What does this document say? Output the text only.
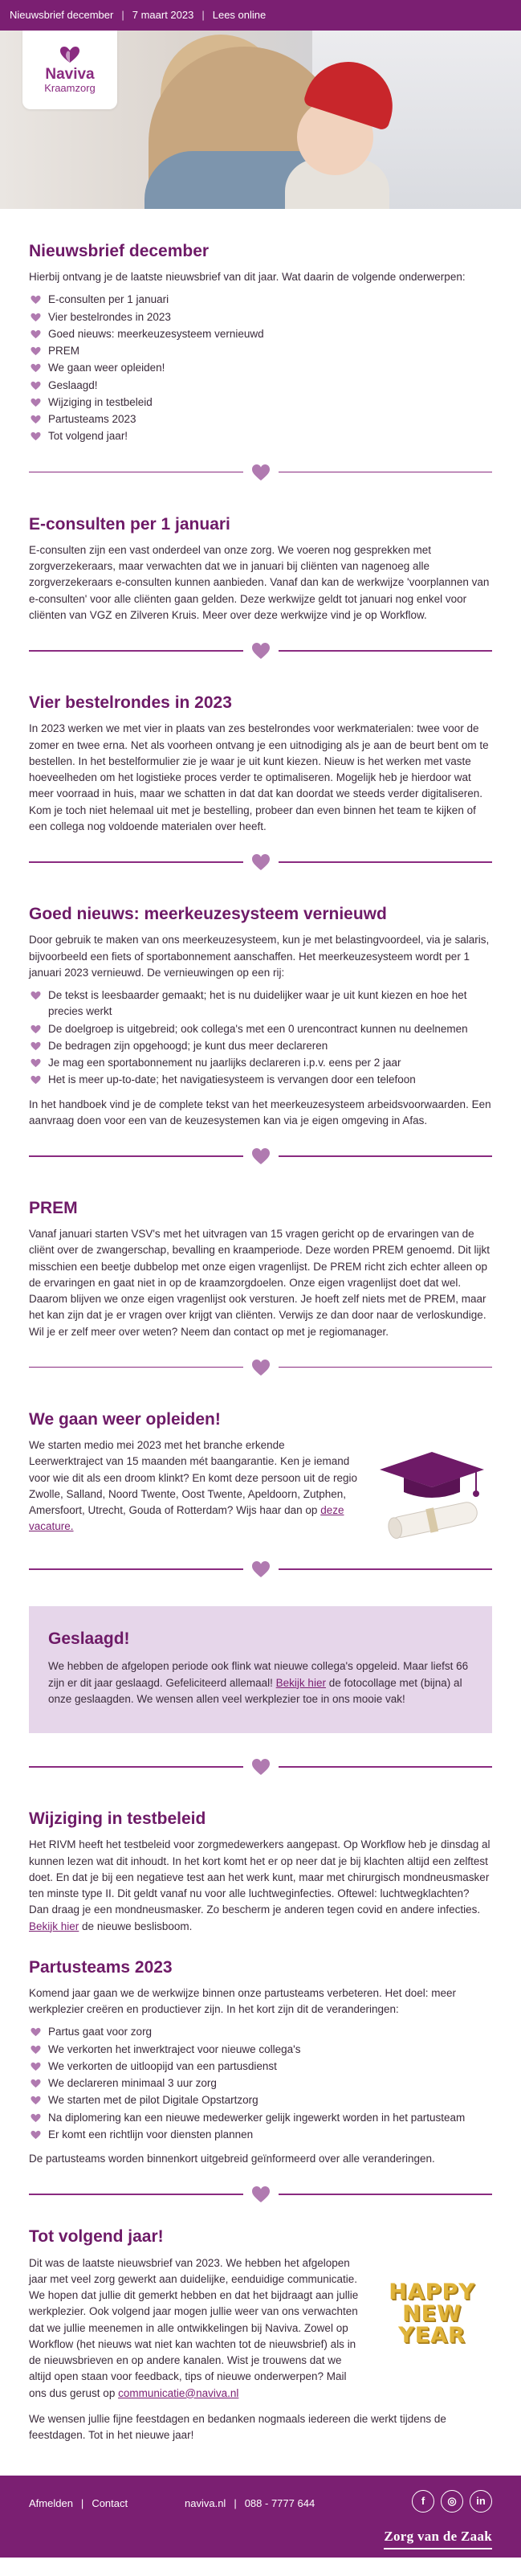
Nieuwsbrief december | 7 maart 2023 | Lees online
Naviva
Kraamzorg
Nieuwsbrief december

Hierbij ontvang je de laatste nieuwsbrief van dit jaar. Wat daarin de volgende onderwerpen:

E-consulten per 1 januari
Vier bestelrondes in 2023
Goed nieuws: meerkeuzesysteem vernieuwd
PREM
We gaan weer opleiden!
Geslaagd!
Wijziging in testbeleid
Partusteams 2023
Tot volgend jaar!
E-consulten per 1 januari

E-consulten zijn een vast onderdeel van onze zorg. We voeren nog gesprekken met zorgverzekeraars, maar verwachten dat we in januari bij cliënten van nagenoeg alle zorgverzekeraars e-consulten kunnen aanbieden. Vanaf dan kan de werkwijze 'voorplannen van e-consulten' voor alle cliënten gaan gelden. Deze werkwijze geldt tot januari nog enkel voor cliënten van VGZ en Zilveren Kruis. Meer over deze werkwijze vind je op Workflow.

Vier bestelrondes in 2023

In 2023 werken we met vier in plaats van zes bestelrondes voor werkmaterialen: twee voor de zomer en twee erna. Net als voorheen ontvang je een uitnodiging als je aan de beurt bent om te bestellen. In het bestelformulier zie je waar je uit kunt kiezen. Nieuw is het werken met vaste hoeveelheden om het logistieke proces verder te optimaliseren. Mogelijk heb je hierdoor wat meer voorraad in huis, maar we schatten in dat dat kan doordat we steeds verder digitaliseren. Kom je toch niet helemaal uit met je bestelling, probeer dan even binnen het team te kijken of een collega nog voldoende materialen over heeft.

Goed nieuws: meerkeuzesysteem vernieuwd

Door gebruik te maken van ons meerkeuzesysteem, kun je met belastingvoordeel, via je salaris, bijvoorbeeld een fiets of sportabonnement aanschaffen. Het meerkeuzesysteem wordt per 1 januari 2023 vernieuwd. De vernieuwingen op een rij:

De tekst is leesbaarder gemaakt; het is nu duidelijker waar je uit kunt kiezen en hoe het precies werkt
De doelgroep is uitgebreid; ook collega's met een 0 urencontract kunnen nu deelnemen
De bedragen zijn opgehoogd; je kunt dus meer declareren
Je mag een sportabonnement nu jaarlijks declareren i.p.v. eens per 2 jaar
Het is meer up-to-date; het navigatiesysteem is vervangen door een telefoon

In het handboek vind je de complete tekst van het meerkeuzesysteem arbeidsvoorwaarden. Een aanvraag doen voor een van de keuzesystemen kan via je eigen omgeving in Afas.

PREM

Vanaf januari starten VSV's met het uitvragen van 15 vragen gericht op de ervaringen van de cliënt over de zwangerschap, bevalling en kraamperiode. Deze worden PREM genoemd. Dit lijkt misschien een beetje dubbelop met onze eigen vragenlijst. De PREM richt zich echter alleen op de ervaringen en gaat niet in op de kraamzorgdoelen. Onze eigen vragenlijst doet dat wel. Daarom blijven we onze eigen vragenlijst ook versturen. Je hoeft zelf niets met de PREM, maar het kan zijn dat je er vragen over krijgt van cliënten. Verwijs ze dan door naar de verloskundige. Wil je er zelf meer over weten? Neem dan contact op met je regiomanager.

We gaan weer opleiden!

We starten medio mei 2023 met het branche erkende Leerwerktraject van 15 maanden mét baangarantie. Ken je iemand voor wie dit als een droom klinkt? En komt deze persoon uit de regio Zwolle, Salland, Noord Twente, Oost Twente, Apeldoorn, Zutphen, Amersfoort, Utrecht, Gouda of Rotterdam? Wijs haar dan op deze vacature.

Geslaagd!

We hebben de afgelopen periode ook flink wat nieuwe collega's opgeleid. Maar liefst 66 zijn er dit jaar geslaagd. Gefeliciteerd allemaal! Bekijk hier de fotocollage met (bijna) al onze geslaagden. We wensen allen veel werkplezier toe in ons mooie vak!

Wijziging in testbeleid

Het RIVM heeft het testbeleid voor zorgmedewerkers aangepast. Op Workflow heb je dinsdag al kunnen lezen wat dit inhoudt. In het kort komt het er op neer dat je bij klachten altijd een zelftest doet. En dat je bij een negatieve test aan het werk kunt, maar met chirurgisch mondneusmasker ten minste type II. Dit geldt vanaf nu voor alle luchtweginfecties. Oftewel: luchtwegklachten? Dan draag je een mondneusmasker. Zo bescherm je anderen tegen covid en andere infecties. Bekijk hier de nieuwe beslisboom.

Partusteams 2023

Komend jaar gaan we de werkwijze binnen onze partusteams verbeteren. Het doel: meer werkplezier creëren en productiever zijn. In het kort zijn dit de veranderingen:

Partus gaat voor zorg
We verkorten het inwerktraject voor nieuwe collega's
We verkorten de uitloopijd van een partusdienst
We declareren minimaal 3 uur zorg
We starten met de pilot Digitale Opstartzorg
Na diplomering kan een nieuwe medewerker gelijk ingewerkt worden in het partusteam
Er komt een richtlijn voor diensten plannen

De partusteams worden binnenkort uitgebreid geïnformeerd over alle veranderingen.

Tot volgend jaar!

Dit was de laatste nieuwsbrief van 2023. We hebben het afgelopen jaar met veel zorg gewerkt aan duidelijke, eenduidige communicatie. We hopen dat jullie dit gemerkt hebben en dat het bijdraagt aan jullie werkplezier. Ook volgend jaar mogen jullie weer van ons verwachten dat we jullie meenemen in alle ontwikkelingen bij Naviva. Zowel op Workflow (het nieuws wat niet kan wachten tot de nieuwsbrief) als in de nieuwsbrieven en op andere kanalen. Wist je trouwens dat we altijd open staan voor feedback, tips of nieuwe onderwerpen? Mail ons dus gerust op communicatie@naviva.nl

HAPPY
NEW YEAR

We wensen jullie fijne feestdagen en bedanken nogmaals iedereen die werkt tijdens de feestdagen. Tot in het nieuwe jaar!

Afmelden | Contact	naviva.nl | 088 - 7777 644	f	◎	in
Zorg van de Zaak
